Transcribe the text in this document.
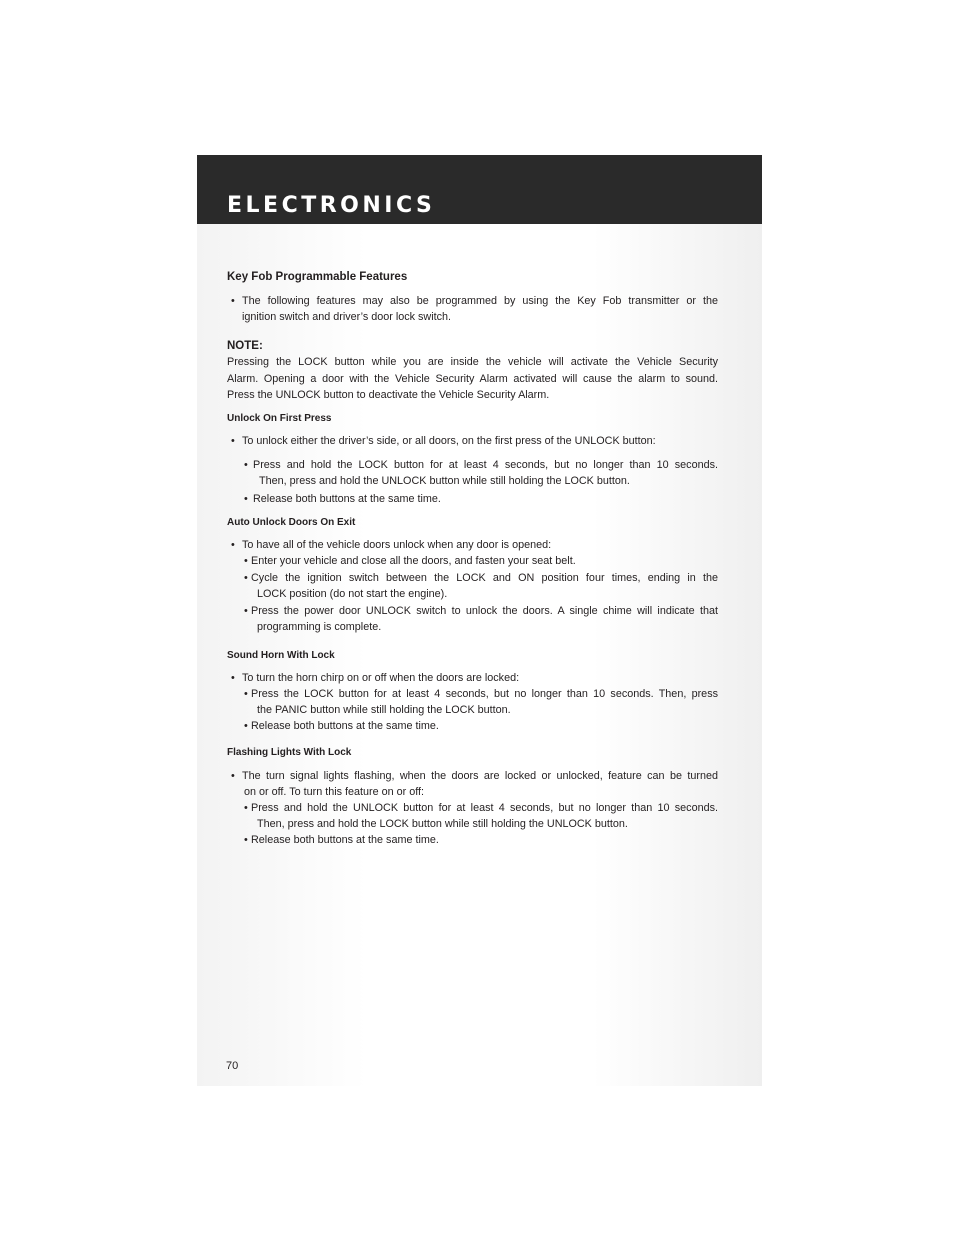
ELECTRONICS
Key Fob Programmable Features
• The following features may also be programmed by using the Key Fob transmitter or the
ignition switch and driver’s door lock switch.
NOTE:
Pressing the LOCK button while you are inside the vehicle will activate the Vehicle Security
Alarm. Opening a door with the Vehicle Security Alarm activated will cause the alarm to sound.
Press the UNLOCK button to deactivate the Vehicle Security Alarm.
Unlock On First Press
• To unlock either the driver’s side, or all doors, on the first press of the UNLOCK button:
• Press and hold the LOCK button for at least 4 seconds, but no longer than 10 seconds.
Then, press and hold the UNLOCK button while still holding the LOCK button.
• Release both buttons at the same time.
Auto Unlock Doors On Exit
• To have all of the vehicle doors unlock when any door is opened:
• Enter your vehicle and close all the doors, and fasten your seat belt.
• Cycle the ignition switch between the LOCK and ON position four times, ending in the
LOCK position (do not start the engine).
• Press the power door UNLOCK switch to unlock the doors. A single chime will indicate that
programming is complete.
Sound Horn With Lock
• To turn the horn chirp on or off when the doors are locked:
• Press the LOCK button for at least 4 seconds, but no longer than 10 seconds. Then, press
the PANIC button while still holding the LOCK button.
• Release both buttons at the same time.
Flashing Lights With Lock
• The turn signal lights flashing, when the doors are locked or unlocked, feature can be turned
on or off. To turn this feature on or off:
• Press and hold the UNLOCK button for at least 4 seconds, but no longer than 10 seconds.
Then, press and hold the LOCK button while still holding the UNLOCK button.
• Release both buttons at the same time.
70
